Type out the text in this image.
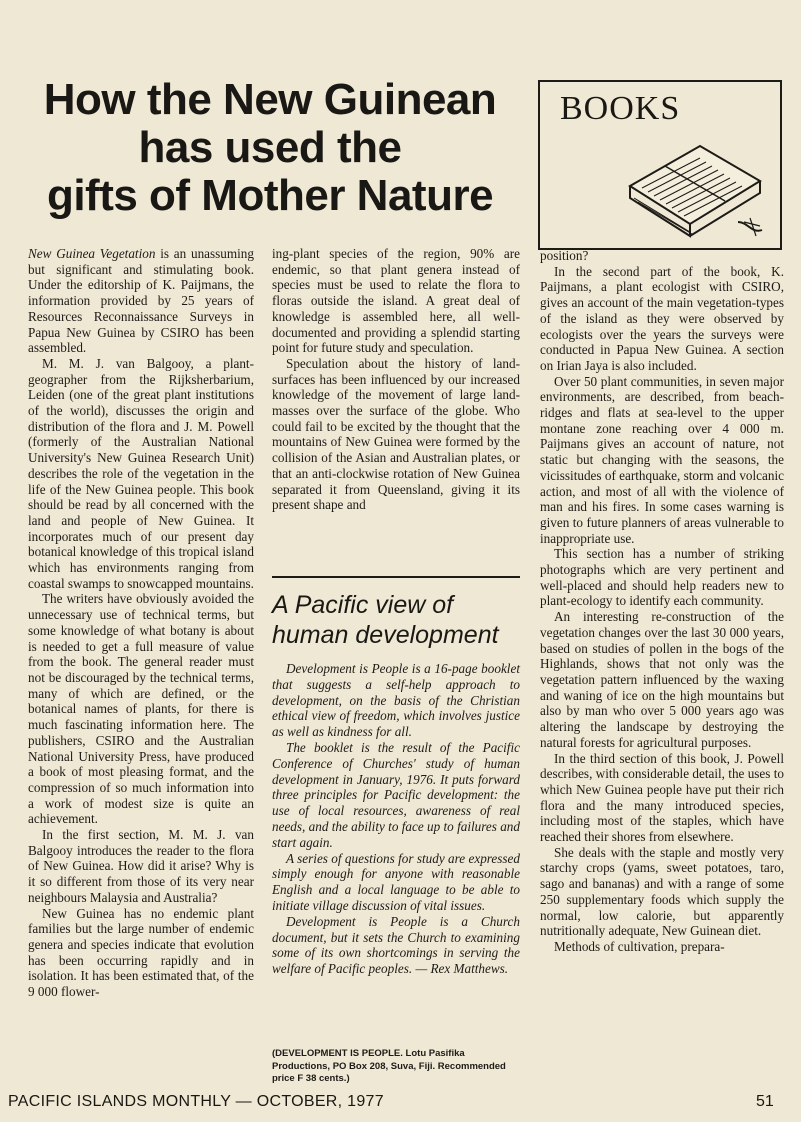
How the New Guinean
has used the
gifts of Mother Nature
BOOKS

New Guinea Vegetation is an unassuming but significant and stimulating book. Under the editorship of K. Paijmans, the information provided by 25 years of Resources Reconnaissance Surveys in Papua New Guinea by CSIRO has been assembled.

M. M. J. van Balgooy, a plant-geographer from the Rijksherbarium, Leiden (one of the great plant institutions of the world), discusses the origin and distribution of the flora and J. M. Powell (formerly of the Australian National University's New Guinea Research Unit) describes the role of the vegetation in the life of the New Guinea people. This book should be read by all concerned with the land and people of New Guinea. It incorporates much of our present day botanical knowledge of this tropical island which has environments ranging from coastal swamps to snowcapped mountains.

The writers have obviously avoided the unnecessary use of technical terms, but some knowledge of what botany is about is needed to get a full measure of value from the book. The general reader must not be discouraged by the technical terms, many of which are defined, or the botanical names of plants, for there is much fascinating information here. The publishers, CSIRO and the Australian National University Press, have produced a book of most pleasing format, and the compression of so much information into a work of modest size is quite an achievement.

In the first section, M. M. J. van Balgooy introduces the reader to the flora of New Guinea. How did it arise? Why is it so different from those of its very near neighbours Malaysia and Australia?

New Guinea has no endemic plant families but the large number of endemic genera and species indicate that evolution has been occurring rapidly and in isolation. It has been estimated that, of the 9 000 flower-

ing-plant species of the region, 90% are endemic, so that plant genera instead of species must be used to relate the flora to floras outside the island. A great deal of knowledge is assembled here, all well-documented and providing a splendid starting point for future study and speculation.

Speculation about the history of land-surfaces has been influenced by our increased knowledge of the movement of large land-masses over the surface of the globe. Who could fail to be excited by the thought that the mountains of New Guinea were formed by the collision of the Asian and Australian plates, or that an anti-clockwise rotation of New Guinea separated it from Queensland, giving it its present shape and

A Pacific view of human development

Development is People is a 16-page booklet that suggests a self-help approach to development, on the basis of the Christian ethical view of freedom, which involves justice as well as kindness for all.

The booklet is the result of the Pacific Conference of Churches' study of human development in January, 1976. It puts forward three principles for Pacific development: the use of local resources, awareness of real needs, and the ability to face up to failures and start again.

A series of questions for study are expressed simply enough for anyone with reasonable English and a local language to be able to initiate village discussion of vital issues.

Development is People is a Church document, but it sets the Church to examining some of its own shortcomings in serving the welfare of Pacific peoples. — Rex Matthews.

(DEVELOPMENT IS PEOPLE. Lotu Pasifika Productions, PO Box 208, Suva, Fiji. Recommended price F 38 cents.)

position?

In the second part of the book, K. Paijmans, a plant ecologist with CSIRO, gives an account of the main vegetation-types of the island as they were observed by ecologists over the years the surveys were conducted in Papua New Guinea. A section on Irian Jaya is also included.

Over 50 plant communities, in seven major environments, are described, from beach-ridges and flats at sea-level to the upper montane zone reaching over 4 000 m. Paijmans gives an account of nature, not static but changing with the seasons, the vicissitudes of earthquake, storm and volcanic action, and most of all with the violence of man and his fires. In some cases warning is given to future planners of areas vulnerable to inappropriate use.

This section has a number of striking photographs which are very pertinent and well-placed and should help readers new to plant-ecology to identify each community.

An interesting re-construction of the vegetation changes over the last 30 000 years, based on studies of pollen in the bogs of the Highlands, shows that not only was the vegetation pattern influenced by the waxing and waning of ice on the high mountains but also by man who over 5 000 years ago was altering the landscape by destroying the natural forests for agricultural purposes.

In the third section of this book, J. Powell describes, with considerable detail, the uses to which New Guinea people have put their rich flora and the many introduced species, including most of the staples, which have reached their shores from elsewhere.

She deals with the staple and mostly very starchy crops (yams, sweet potatoes, taro, sago and bananas) and with a range of some 250 supplementary foods which supply the normal, low calorie, but apparently nutritionally adequate, New Guinean diet.

Methods of cultivation, prepara-

PACIFIC ISLANDS MONTHLY — OCTOBER, 1977	51
